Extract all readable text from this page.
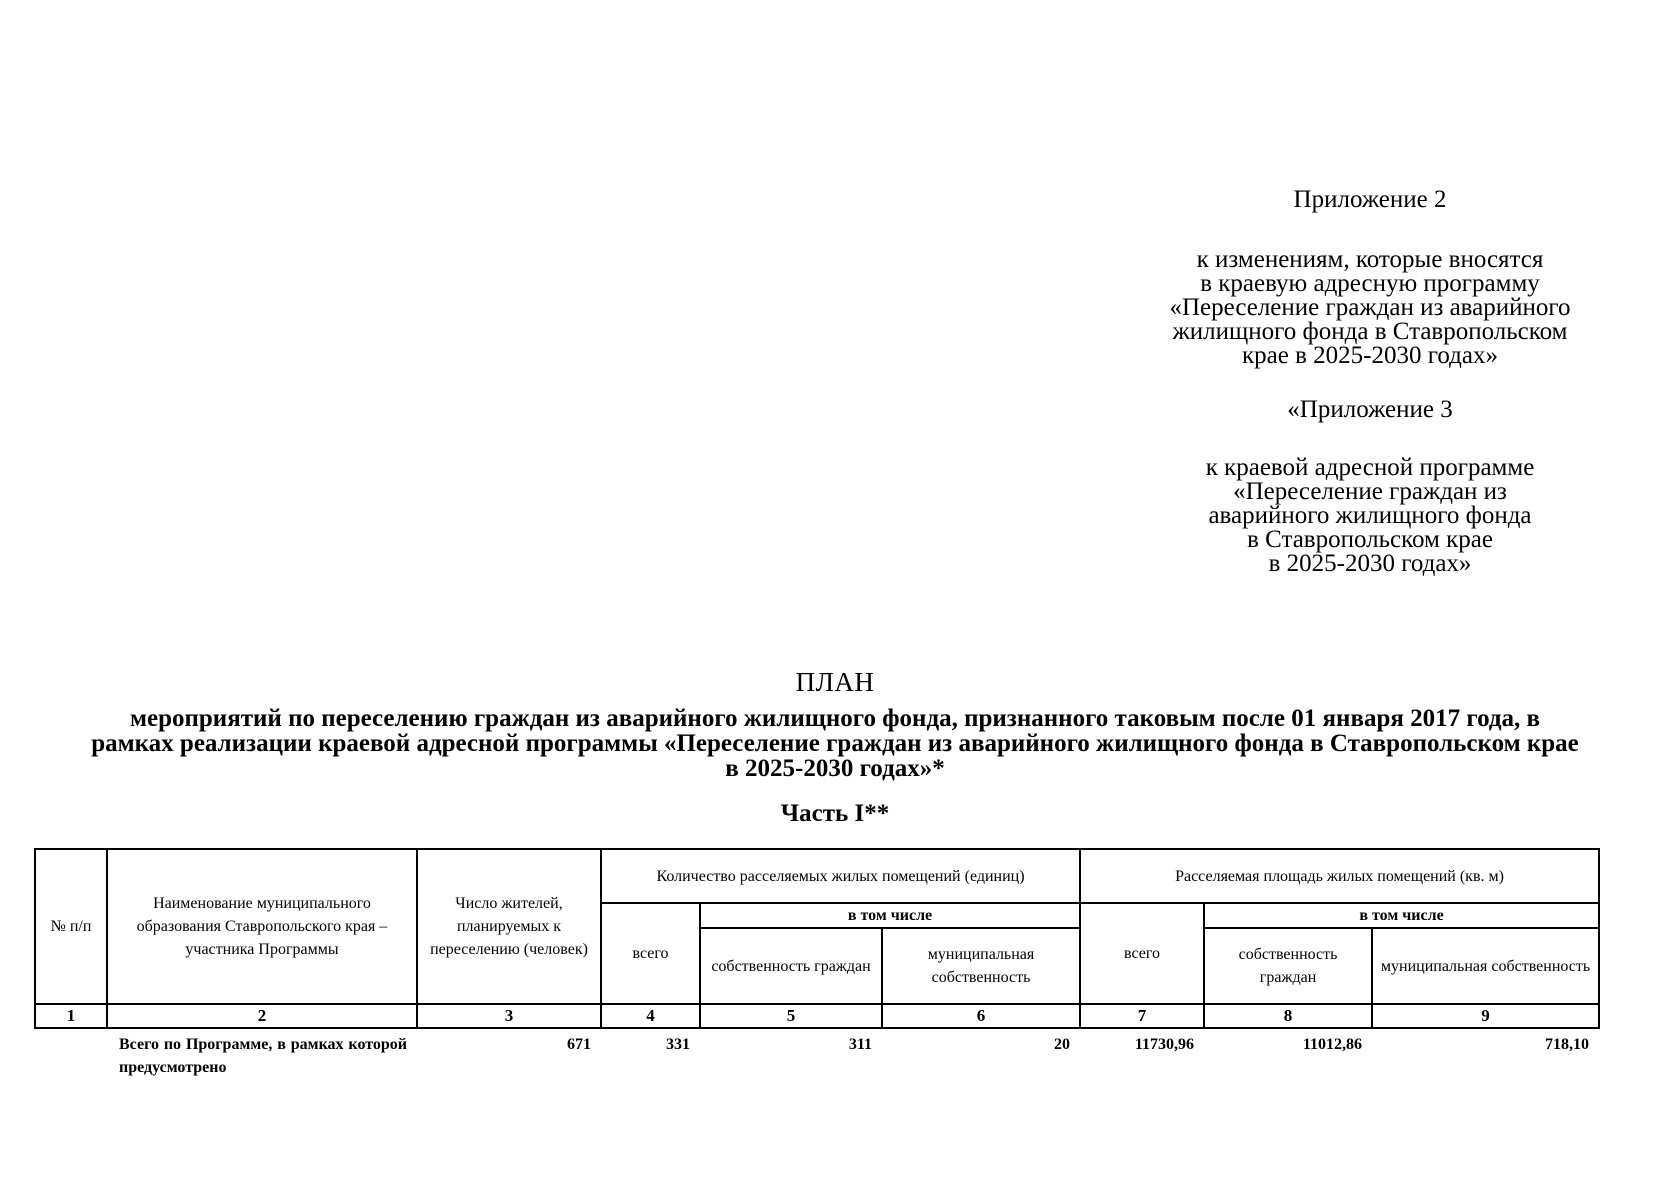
Приложение 2

к изменениям, которые вносятся

в краевую адресную программу

«Переселение граждан из аварийного

жилищного фонда в Ставропольском

крае в 2025-2030 годах»

«Приложение 3

к краевой адресной программе

«Переселение граждан из

аварийного жилищного фонда

в Ставропольском крае

в 2025-2030 годах»

ПЛАН
мероприятий по переселению граждан из аварийного жилищного фонда, признанного таковым после 01 января 2017 года, в
рамках реализации краевой адресной программы «Переселение граждан из аварийного жилищного фонда в Ставропольском крае
в 2025-2030 годах»*
Часть I**
№ п/п	Наименование муниципального образования Ставропольского края – участника Программы	Число жителей, планируемых к переселению (человек)	Количество расселяемых жилых помещений (единиц)			Расселяемая площадь жилых помещений (кв. м)		
			всего	в том числе		всего	в том числе	
				собственность граждан	муниципальная собственность		собственность граждан	муниципальная собственность
1	2	3	4	5	6	7	8	9
	Всего по Программе, в рамках которой предусмотрено	671	331	311	20	11730,96	11012,86	718,10
